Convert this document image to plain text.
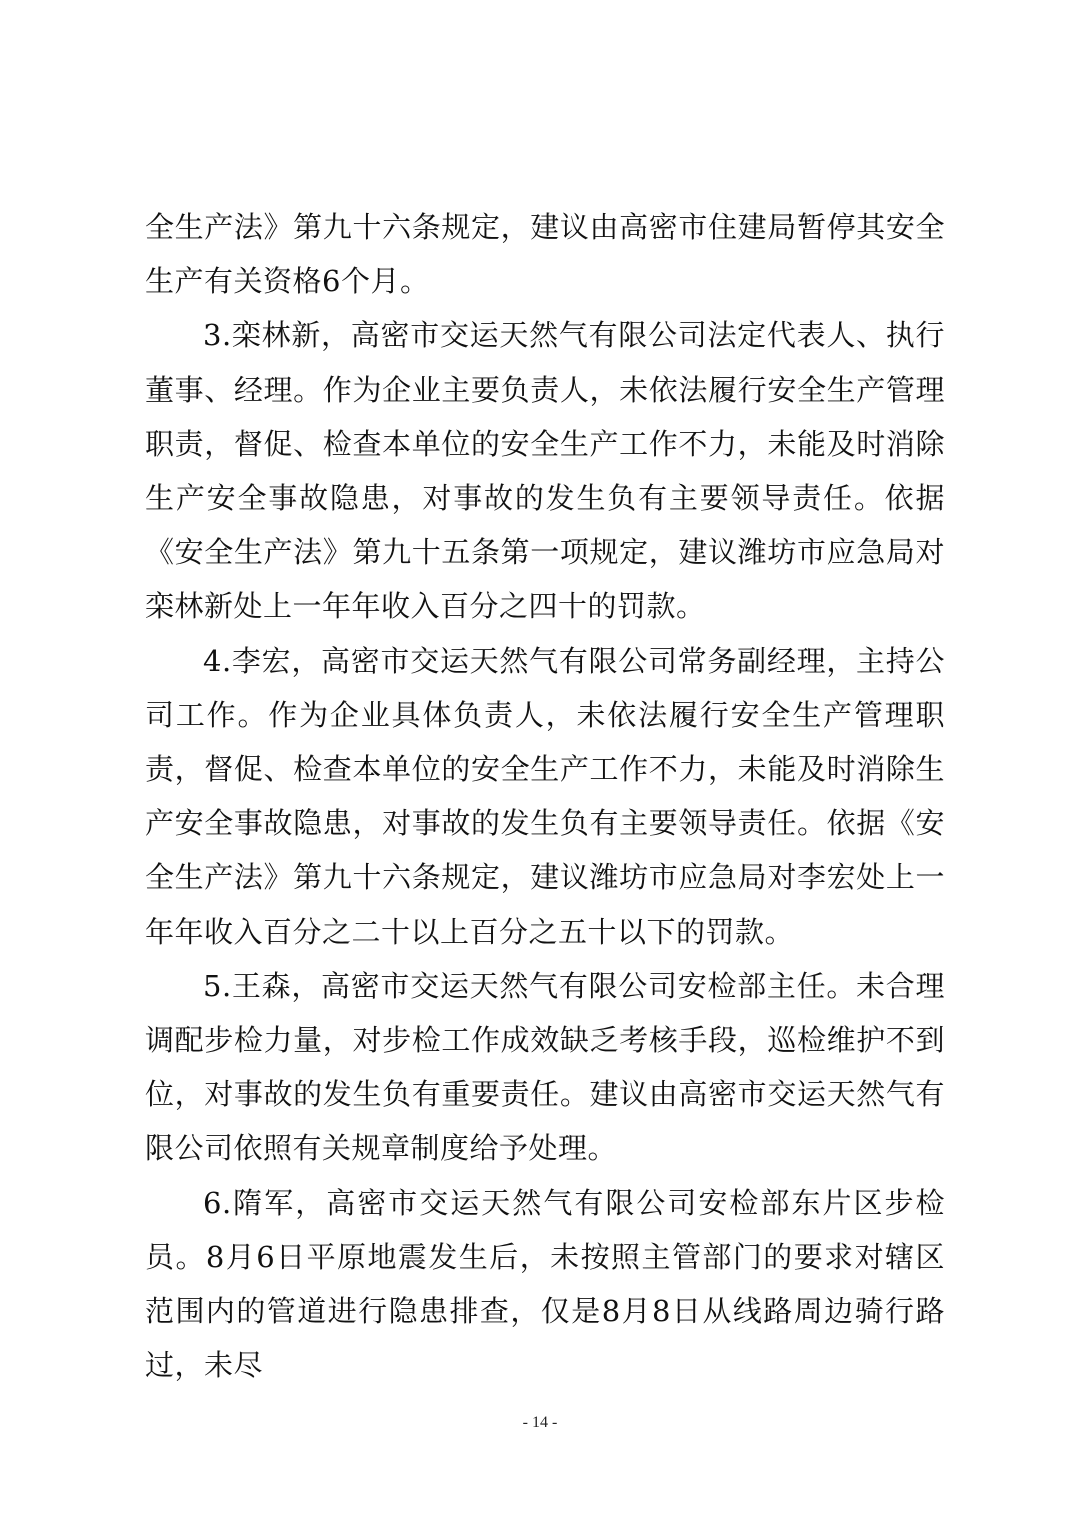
全生产法》第九十六条规定，建议由高密市住建局暂停其安全生产有关资格6个月。

3.栾林新，高密市交运天然气有限公司法定代表人、执行董事、经理。作为企业主要负责人，未依法履行安全生产管理职责，督促、检查本单位的安全生产工作不力，未能及时消除生产安全事故隐患，对事故的发生负有主要领导责任。依据《安全生产法》第九十五条第一项规定，建议潍坊市应急局对栾林新处上一年年收入百分之四十的罚款。

4.李宏，高密市交运天然气有限公司常务副经理，主持公司工作。作为企业具体负责人，未依法履行安全生产管理职责，督促、检查本单位的安全生产工作不力，未能及时消除生产安全事故隐患，对事故的发生负有主要领导责任。依据《安全生产法》第九十六条规定，建议潍坊市应急局对李宏处上一年年收入百分之二十以上百分之五十以下的罚款。

5.王森，高密市交运天然气有限公司安检部主任。未合理调配步检力量，对步检工作成效缺乏考核手段，巡检维护不到位，对事故的发生负有重要责任。建议由高密市交运天然气有限公司依照有关规章制度给予处理。

6.隋军，高密市交运天然气有限公司安检部东片区步检员。8月6日平原地震发生后，未按照主管部门的要求对辖区范围内的管道进行隐患排查，仅是8月8日从线路周边骑行路过，未尽

- 14 -
